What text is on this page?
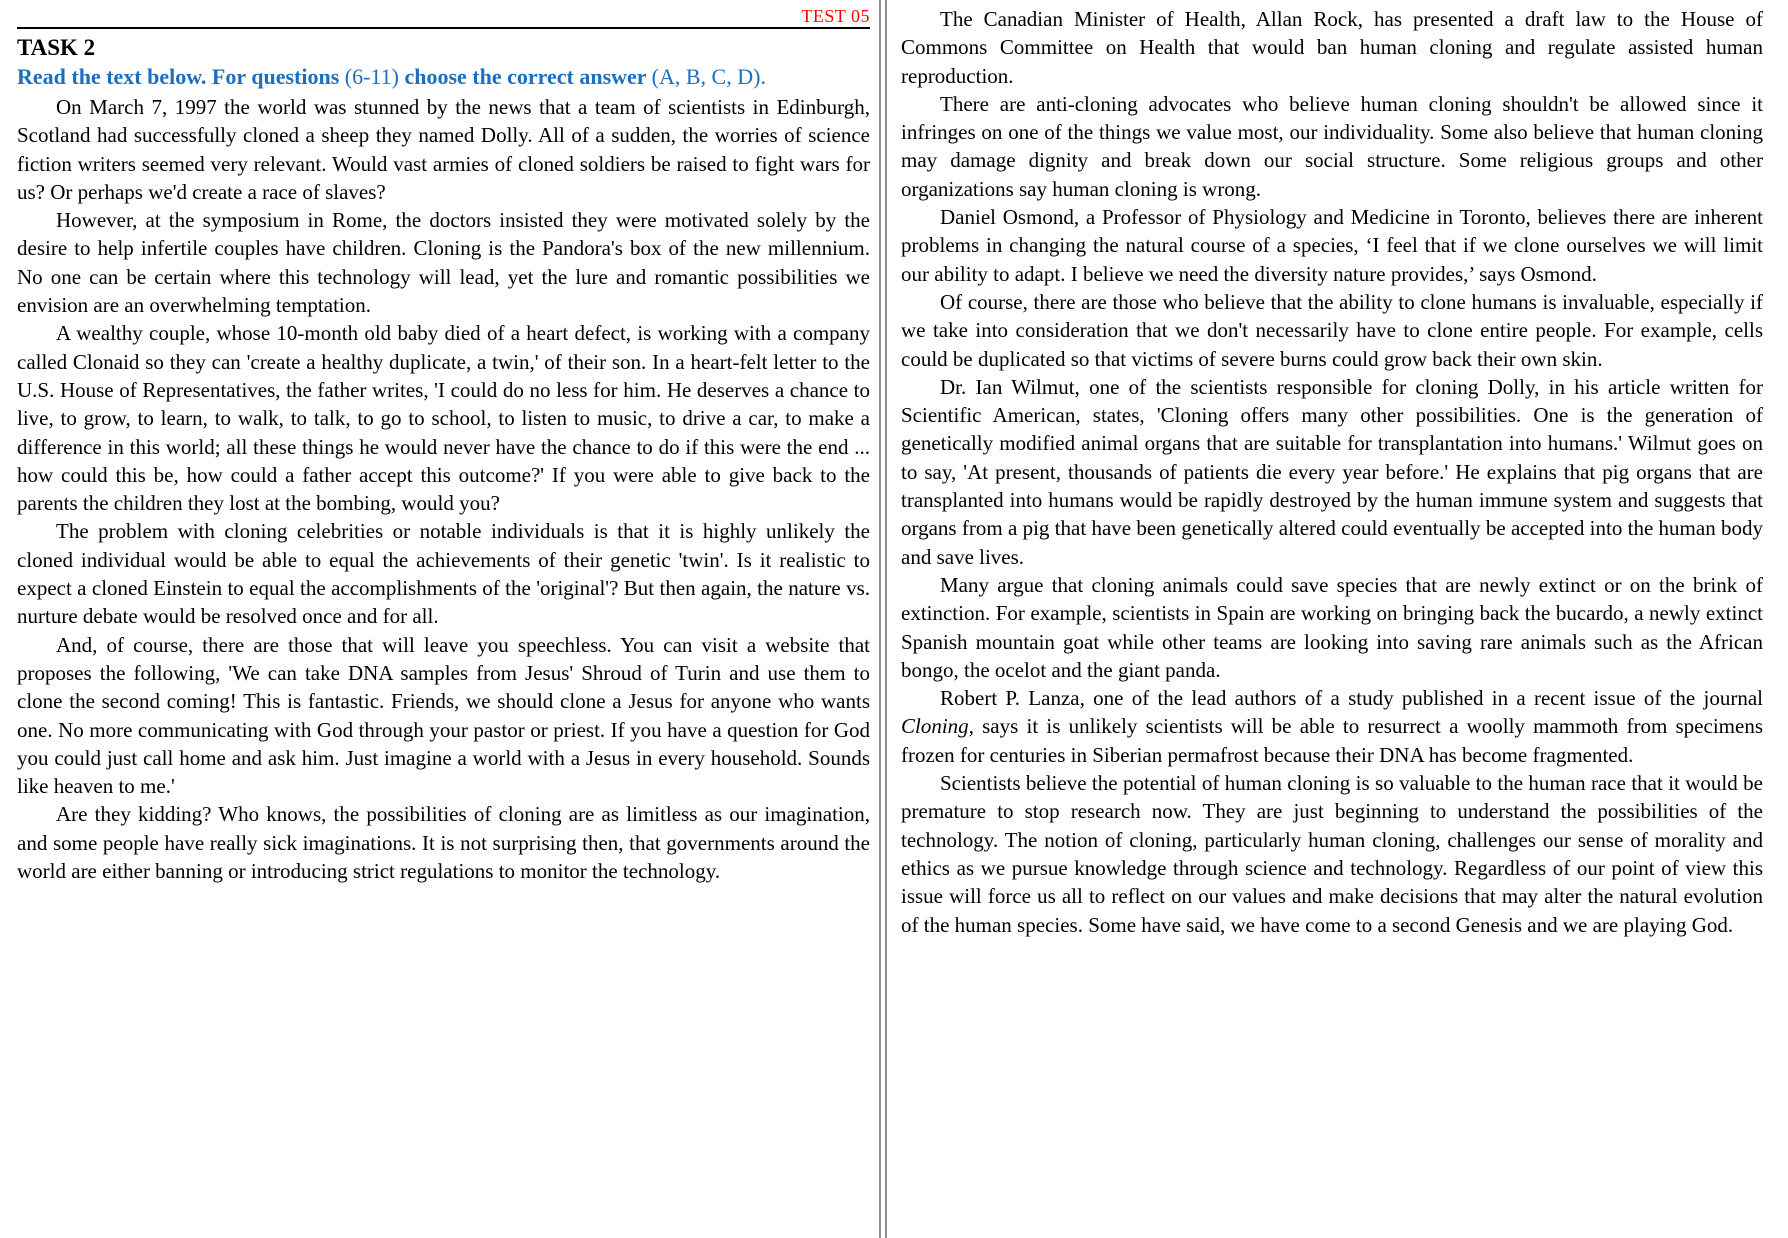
TEST 05
TASK 2
Read the text below. For questions (6-11) choose the correct answer (A, B, C, D).

On March 7, 1997 the world was stunned by the news that a team of scientists in Edinburgh, Scotland had successfully cloned a sheep they named Dolly. All of a sudden, the worries of science fiction writers seemed very relevant. Would vast armies of cloned soldiers be raised to fight wars for us? Or perhaps we'd create a race of slaves?

However, at the symposium in Rome, the doctors insisted they were motivated solely by the desire to help infertile couples have children. Cloning is the Pandora's box of the new millennium. No one can be certain where this technology will lead, yet the lure and romantic possibilities we envision are an overwhelming temptation.

A wealthy couple, whose 10-month old baby died of a heart defect, is working with a company called Clonaid so they can 'create a healthy duplicate, a twin,' of their son. In a heart-felt letter to the U.S. House of Representatives, the father writes, 'I could do no less for him. He deserves a chance to live, to grow, to learn, to walk, to talk, to go to school, to listen to music, to drive a car, to make a difference in this world; all these things he would never have the chance to do if this were the end ... how could this be, how could a father accept this outcome?' If you were able to give back to the parents the children they lost at the bombing, would you?

The problem with cloning celebrities or notable individuals is that it is highly unlikely the cloned individual would be able to equal the achievements of their genetic 'twin'. Is it realistic to expect a cloned Einstein to equal the accomplishments of the 'original'? But then again, the nature vs. nurture debate would be resolved once and for all.

And, of course, there are those that will leave you speechless. You can visit a website that proposes the following, 'We can take DNA samples from Jesus' Shroud of Turin and use them to clone the second coming! This is fantastic. Friends, we should clone a Jesus for anyone who wants one. No more communicating with God through your pastor or priest. If you have a question for God you could just call home and ask him. Just imagine a world with a Jesus in every household. Sounds like heaven to me.'

Are they kidding? Who knows, the possibilities of cloning are as limitless as our imagination, and some people have really sick imaginations. It is not surprising then, that governments around the world are either banning or introducing strict regulations to monitor the technology.

The Canadian Minister of Health, Allan Rock, has presented a draft law to the House of Commons Committee on Health that would ban human cloning and regulate assisted human reproduction.

There are anti-cloning advocates who believe human cloning shouldn't be allowed since it infringes on one of the things we value most, our individuality. Some also believe that human cloning may damage dignity and break down our social structure. Some religious groups and other organizations say human cloning is wrong.

Daniel Osmond, a Professor of Physiology and Medicine in Toronto, believes there are inherent problems in changing the natural course of a species, ‘I feel that if we clone ourselves we will limit our ability to adapt. I believe we need the diversity nature provides,’ says Osmond.

Of course, there are those who believe that the ability to clone humans is invaluable, especially if we take into consideration that we don't necessarily have to clone entire people. For example, cells could be duplicated so that victims of severe burns could grow back their own skin.

Dr. Ian Wilmut, one of the scientists responsible for cloning Dolly, in his article written for Scientific American, states, 'Cloning offers many other possibilities. One is the generation of genetically modified animal organs that are suitable for transplantation into humans.' Wilmut goes on to say, 'At present, thousands of patients die every year before.' He explains that pig organs that are transplanted into humans would be rapidly destroyed by the human immune system and suggests that organs from a pig that have been genetically altered could eventually be accepted into the human body and save lives.

Many argue that cloning animals could save species that are newly extinct or on the brink of extinction. For example, scientists in Spain are working on bringing back the bucardo, a newly extinct Spanish mountain goat while other teams are looking into saving rare animals such as the African bongo, the ocelot and the giant panda.

Robert P. Lanza, one of the lead authors of a study published in a recent issue of the journal Cloning, says it is unlikely scientists will be able to resurrect a woolly mammoth from specimens frozen for centuries in Siberian permafrost because their DNA has become fragmented.

Scientists believe the potential of human cloning is so valuable to the human race that it would be premature to stop research now. They are just beginning to understand the possibilities of the technology. The notion of cloning, particularly human cloning, challenges our sense of morality and ethics as we pursue knowledge through science and technology. Regardless of our point of view this issue will force us all to reflect on our values and make decisions that may alter the natural evolution of the human species. Some have said, we have come to a second Genesis and we are playing God.
